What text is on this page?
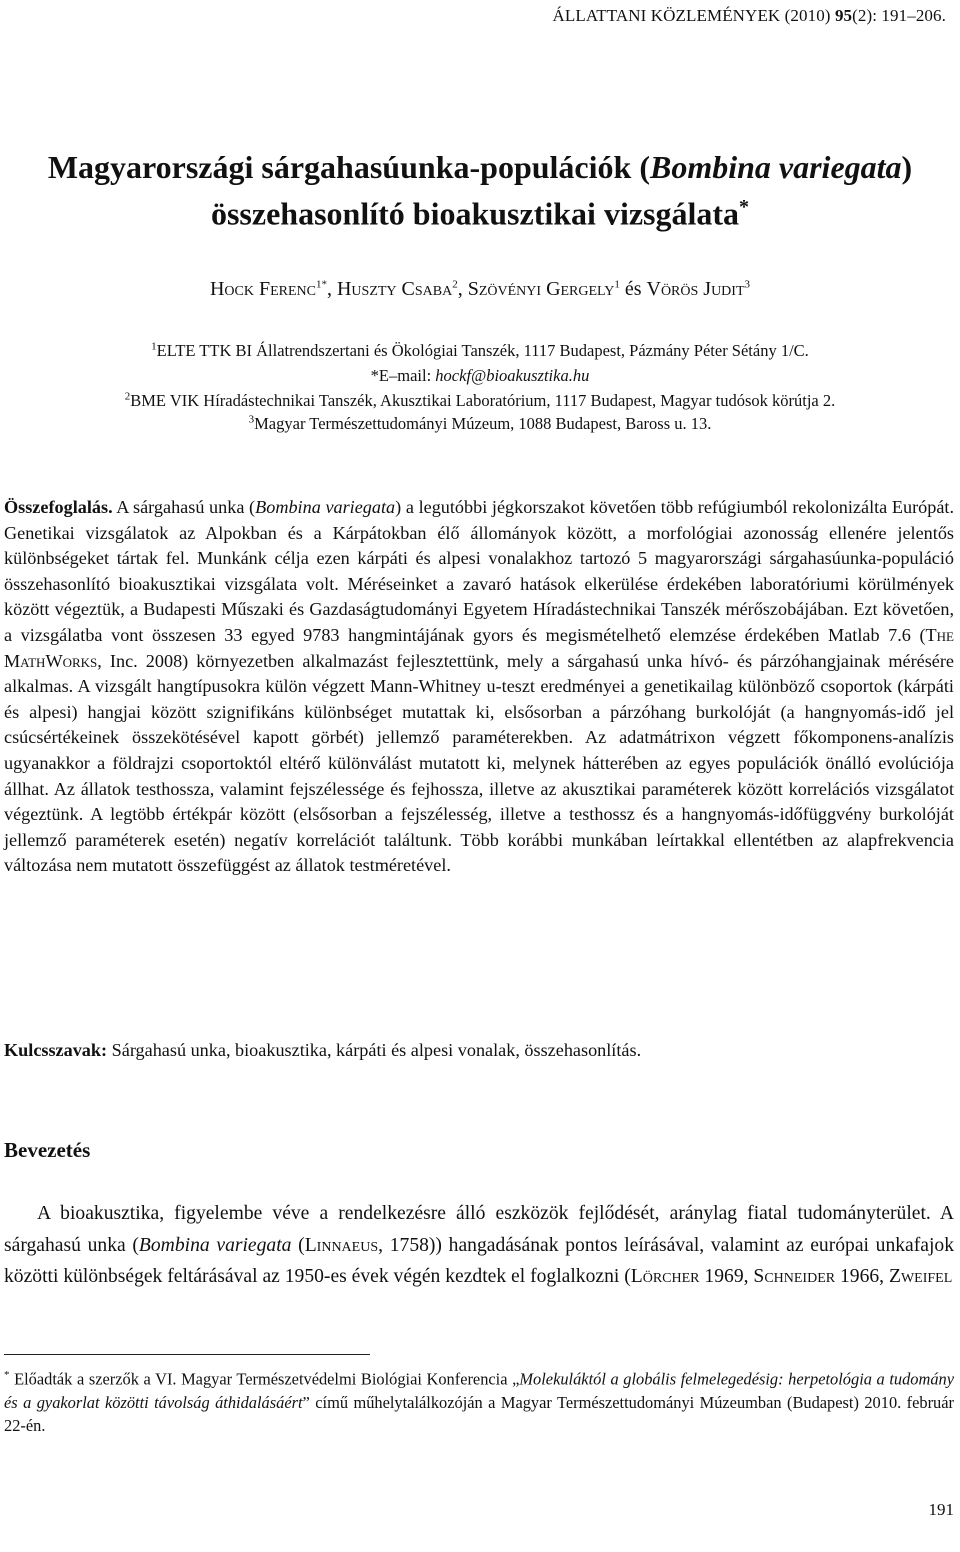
ÁLLATTANI KÖZLEMÉNYEK (2010) 95(2): 191–206.
Magyarországi sárgahasúunka-populációk (Bombina variegata)
összehasonlító bioakusztikai vizsgálata*
Hock Ferenc$^{1*}$, Huszty Csaba$^2$, Szövényi Gergely$^1$ és Vörös Judit$^3$
$^1$ELTE TTK BI Állatrendszertani és Ökológiai Tanszék, 1117 Budapest, Pázmány Péter Sétány 1/C.
*E–mail: hockf@bioakusztika.hu
$^2$BME VIK Híradástechnikai Tanszék, Akusztikai Laboratórium, 1117 Budapest, Magyar tudósok körútja 2.
$^3$Magyar Természettudományi Múzeum, 1088 Budapest, Baross u. 13.

Összefoglalás. A sárgahasú unka (Bombina variegata) a legutóbbi jégkorszakot követően több refúgiumból rekolonizálta Európát. Genetikai vizsgálatok az Alpokban és a Kárpátokban élő állományok között, a morfológiai azonosság ellenére jelentős különbségeket tártak fel. Munkánk célja ezen kárpáti és alpesi vonalakhoz tartozó 5 magyarországi sárgahasúunka-populáció összehasonlító bioakusztikai vizsgálata volt. Méréseinket a zavaró hatások elkerülése érdekében laboratóriumi körülmények között végeztük, a Budapesti Műszaki és Gazdaságtudományi Egyetem Híradástechnikai Tanszék mérőszobájában. Ezt követően, a vizsgálatba vont összesen 33 egyed 9783 hangmintájának gyors és megismételhető elemzése érdekében Matlab 7.6 (The MathWorks, Inc. 2008) környezetben alkalmazást fejlesztettünk, mely a sárgahasú unka hívó- és párzóhangjainak mérésére alkalmas. A vizsgált hangtípusokra külön végzett Mann-Whitney u-teszt eredményei a genetikailag különböző csoportok (kárpáti és alpesi) hangjai között szignifikáns különbséget mutattak ki, elsősorban a párzóhang burkolóját (a hangnyomás-idő jel csúcsértékeinek összekötésével kapott görbét) jellemző paraméterekben. Az adatmátrixon végzett főkomponens-analízis ugyanakkor a földrajzi csoportoktól eltérő különválást mutatott ki, melynek hátterében az egyes populációk önálló evolúciója állhat. Az állatok testhossza, valamint fejszélessége és fejhossza, illetve az akusztikai paraméterek között korrelációs vizsgálatot végeztünk. A legtöbb értékpár között (elsősorban a fejszélesség, illetve a testhossz és a hangnyomás-időfüggvény burkolóját jellemző paraméterek esetén) negatív korrelációt találtunk. Több korábbi munkában leírtakkal ellentétben az alapfrekvencia változása nem mutatott összefüggést az állatok testméretével.

Kulcsszavak: Sárgahasú unka, bioakusztika, kárpáti és alpesi vonalak, összehasonlítás.

Bevezetés

A bioakusztika, figyelembe véve a rendelkezésre álló eszközök fejlődését, aránylag fiatal tudományterület. A sárgahasú unka (Bombina variegata (Linnaeus, 1758)) hangadásának pontos leírásával, valamint az európai unkafajok közötti különbségek feltárásával az 1950-es évek végén kezdtek el foglalkozni (Lörcher 1969, Schneider 1966, Zweifel

* Előadták a szerzők a VI. Magyar Természetvédelmi Biológiai Konferencia „Molekuláktól a globális felmelegedésig: herpetológia a tudomány és a gyakorlat közötti távolság áthidalásáért” című műhelytalálkozóján a Magyar Természettudományi Múzeumban (Budapest) 2010. február 22-én.
191
